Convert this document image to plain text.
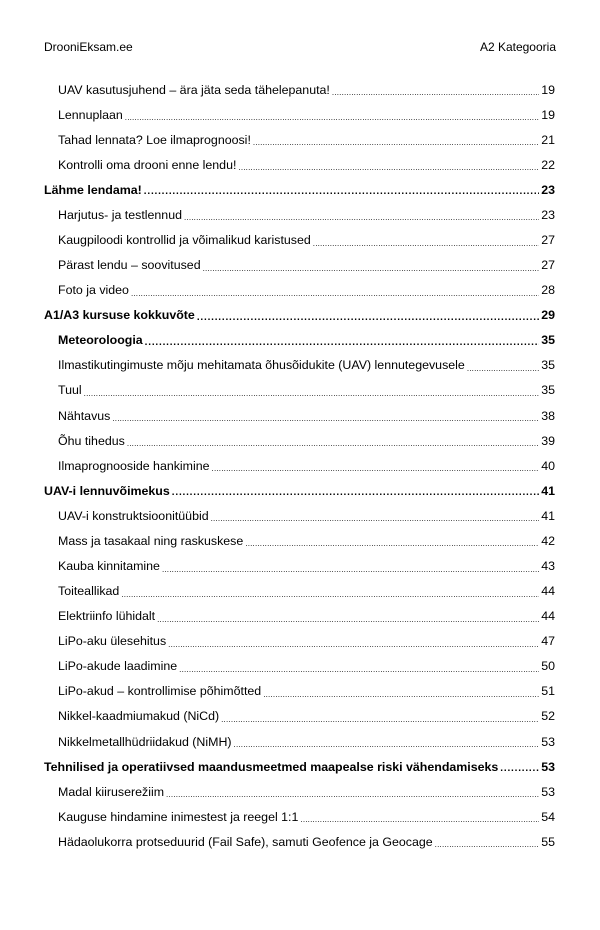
DrooniEksam.ee	A2 Kategooria
UAV kasutusjuhend – ära jäta seda tähelepanuta! .....	19
Lennuplaan .....	19
Tahad lennata? Loe ilmaprognoosi! .....	21
Kontrolli oma drooni enne lendu! .....	22
Lähme lendama! .....	23
Harjutus- ja testlennud .....	23
Kaugpiloodi kontrollid ja võimalikud karistused .....	27
Pärast lendu – soovitused .....	27
Foto ja video .....	28
A1/A3 kursuse kokkuvõte .....	29
Meteoroloogia .....	35
Ilmastikutingimuste mõju mehitamata õhusõidukite (UAV) lennutegevusele .....	35
Tuul .....	35
Nähtavus .....	38
Õhu tihedus .....	39
Ilmaprognooside hankimine .....	40
UAV-i lennuvõimekus .....	41
UAV-i konstruktsioonitüübid .....	41
Mass ja tasakaal ning raskuskese .....	42
Kauba kinnitamine .....	43
Toiteallikad .....	44
Elektriinfo lühidalt .....	44
LiPo-aku ülesehitus .....	47
LiPo-akude laadimine .....	50
LiPo-akud – kontrollimise põhimõtted .....	51
Nikkel-kaadmiumakud (NiCd) .....	52
Nikkelmetallhüdriidakud (NiMH) .....	53
Tehnilised ja operatiivsed maandusmeetmed maapealse riski vähendamiseks .....	53
Madal kiiruserežiim .....	53
Kauguse hindamine inimestest ja reegel 1:1 .....	54
Hädaolukorra protseduurid (Fail Safe), samuti Geofence ja Geocage .....	55
